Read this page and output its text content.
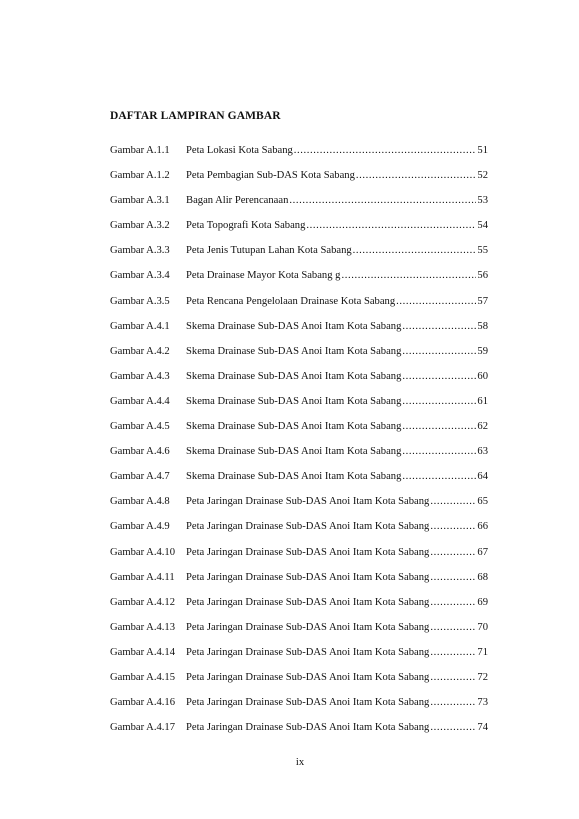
DAFTAR LAMPIRAN GAMBAR
Gambar A.1.1 Peta Lokasi Kota Sabang .....	51
Gambar A.1.2 Peta Pembagian Sub-DAS Kota Sabang .....	52
Gambar A.3.1 Bagan Alir Perencanaan .....	53
Gambar A.3.2 Peta Topografi Kota Sabang .....	54
Gambar A.3.3 Peta Jenis Tutupan Lahan Kota Sabang .....	55
Gambar A.3.4 Peta Drainase Mayor Kota Sabang g .....	56
Gambar A.3.5 Peta Rencana Pengelolaan Drainase Kota Sabang .....	57
Gambar A.4.1 Skema Drainase Sub-DAS Anoi Itam Kota Sabang .....	58
Gambar A.4.2 Skema Drainase Sub-DAS Anoi Itam Kota Sabang .....	59
Gambar A.4.3 Skema Drainase Sub-DAS Anoi Itam Kota Sabang .....	60
Gambar A.4.4 Skema Drainase Sub-DAS Anoi Itam Kota Sabang .....	61
Gambar A.4.5 Skema Drainase Sub-DAS Anoi Itam Kota Sabang .....	62
Gambar A.4.6 Skema Drainase Sub-DAS Anoi Itam Kota Sabang .....	63
Gambar A.4.7 Skema Drainase Sub-DAS Anoi Itam Kota Sabang .....	64
Gambar A.4.8 Peta Jaringan Drainase Sub-DAS Anoi Itam Kota Sabang .....	65
Gambar A.4.9 Peta Jaringan Drainase Sub-DAS Anoi Itam Kota Sabang .....	66
Gambar A.4.10 Peta Jaringan Drainase Sub-DAS Anoi Itam Kota Sabang .....	67
Gambar A.4.11 Peta Jaringan Drainase Sub-DAS Anoi Itam Kota Sabang .....	68
Gambar A.4.12 Peta Jaringan Drainase Sub-DAS Anoi Itam Kota Sabang .....	69
Gambar A.4.13 Peta Jaringan Drainase Sub-DAS Anoi Itam Kota Sabang .....	70
Gambar A.4.14 Peta Jaringan Drainase Sub-DAS Anoi Itam Kota Sabang .....	71
Gambar A.4.15 Peta Jaringan Drainase Sub-DAS Anoi Itam Kota Sabang .....	72
Gambar A.4.16 Peta Jaringan Drainase Sub-DAS Anoi Itam Kota Sabang .....	73
Gambar A.4.17 Peta Jaringan Drainase Sub-DAS Anoi Itam Kota Sabang .....	74
ix
